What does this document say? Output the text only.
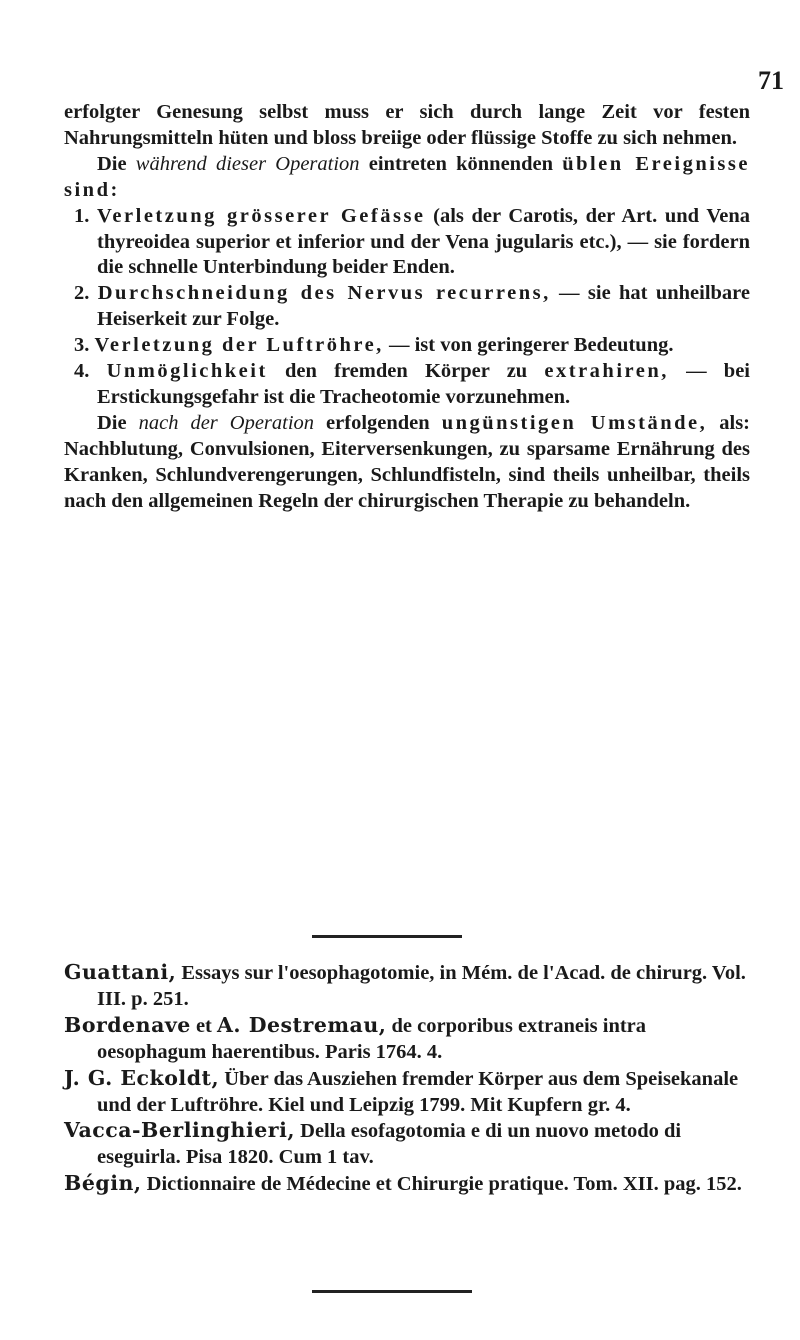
71

erfolgter Genesung selbst muss er sich durch lange Zeit vor festen Nahrungsmitteln hüten und bloss breiige oder flüssige Stoffe zu sich nehmen.

Die während dieser Operation eintreten könnenden üblen Ereignisse sind:

1. Verletzung grösserer Gefässe (als der Carotis, der Art. und Vena thyreoidea superior et inferior und der Vena jugularis etc.), — sie fordern die schnelle Unterbindung beider Enden.

2. Durchschneidung des Nervus recurrens, — sie hat unheilbare Heiserkeit zur Folge.

3. Verletzung der Luftröhre, — ist von geringerer Bedeutung.

4. Unmöglichkeit den fremden Körper zu extrahiren, — bei Erstickungsgefahr ist die Tracheotomie vorzunehmen.

Die nach der Operation erfolgenden ungünstigen Umstände, als: Nachblutung, Convulsionen, Eiterversenkungen, zu sparsame Ernährung des Kranken, Schlundverengerungen, Schlundfisteln, sind theils unheilbar, theils nach den allgemeinen Regeln der chirurgischen Therapie zu behandeln.

Guattani, Essays sur l'oesophagotomie, in Mém. de l'Acad. de chirurg. Vol. III. p. 251.

Bordenave et A. Destremau, de corporibus extraneis intra oesophagum haerentibus. Paris 1764. 4.

J. G. Eckoldt, Über das Ausziehen fremder Körper aus dem Speisekanale und der Luftröhre. Kiel und Leipzig 1799. Mit Kupfern gr. 4.

Vacca-Berlinghieri, Della esofagotomia e di un nuovo metodo di eseguirla. Pisa 1820. Cum 1 tav.

Bégin, Dictionnaire de Médecine et Chirurgie pratique. Tom. XII. pag. 152.
